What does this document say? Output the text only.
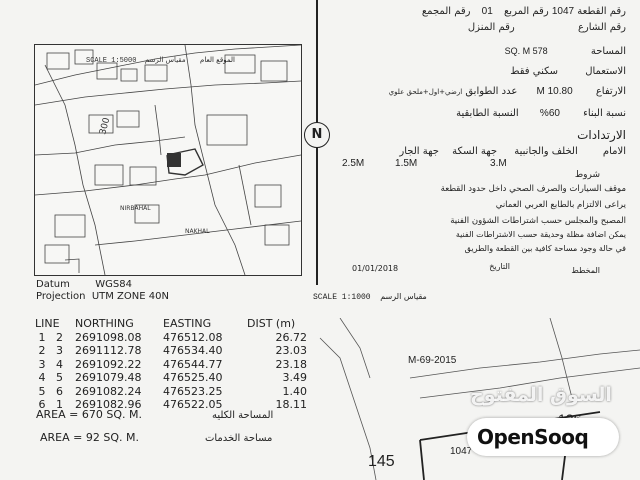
300
NIRBAHAL
NAKHAL
SCALE 1:5000 مقياس الرسم الموقع العام
N
رقم القطعة 1047 رقم المربع 01 رقم المجمع
رقم الشارع رقم المنزل
المساحة 578 SQ. M
الاستعمال سكني فقط
الارتفاع 10.80 M عدد الطوابق ارضي+اول+ملحق علوي
نسبة البناء 60% النسبة الطابقية
الارتدادات
الامام الخلف والجانبية جهة السكة جهة الجار
2.5M	1.5M	3.M
شروط
موقف السيارات والصرف الصحي داخل حدود القطعة
يراعى الالتزام بالطابع العربي العماني
المصبح والمجلس حسب اشتراطات الشؤون الفنية
يمكن اضافة مظلة وحديقة حسب الاشتراطات الفنية
في حالة وجود مساحة كافية بين القطعة والطريق
01/01/2018	التاريخ	المخطط
Datum	WGS84
Projection UTM ZONE 40N	SCALE 1:1000 مقياس الرسم
LINE	NORTHING	EASTING	DIST (m)
1 2	2691098.08	476512.08	26.72
2 3	2691112.78	476534.40	23.03
3 4	2691092.22	476544.77	23.18
4 5	2691079.48	476525.40	3.49
5 6	2691082.24	476523.25	1.40
6 1	2691082.96	476522.05	18.11
AREA = 670 SQ. M.	المساحة الكليه
AREA = 92 SQ. M.	مساحة الخدمات
M-69-2015
145
1047
السوق المفتوح
OpenSooq
